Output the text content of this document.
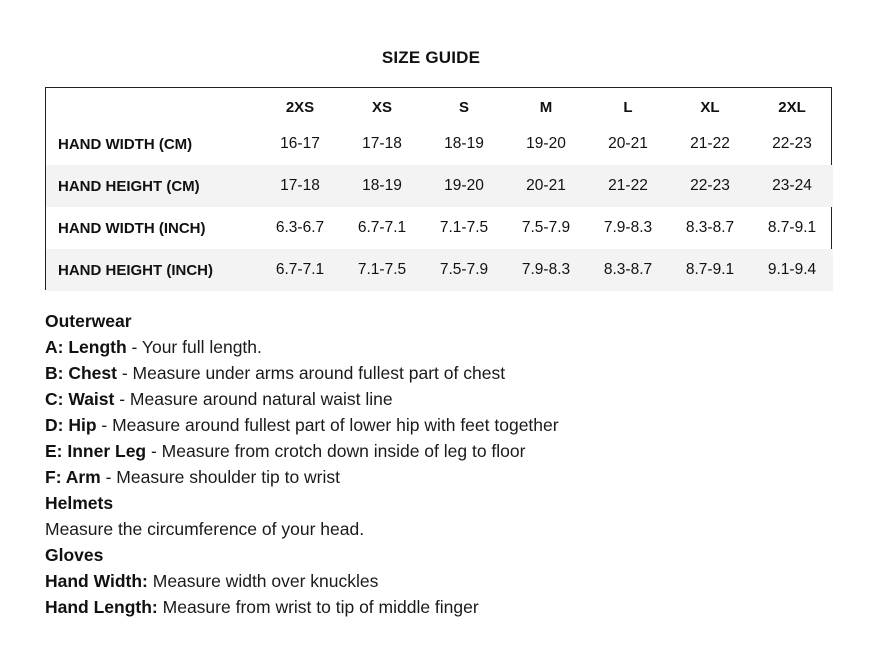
SIZE GUIDE
	2XS	XS	S	M	L	XL	2XL
HAND WIDTH (CM)	16-17	17-18	18-19	19-20	20-21	21-22	22-23
HAND HEIGHT (CM)	17-18	18-19	19-20	20-21	21-22	22-23	23-24
HAND WIDTH (INCH)	6.3-6.7	6.7-7.1	7.1-7.5	7.5-7.9	7.9-8.3	8.3-8.7	8.7-9.1
HAND HEIGHT (INCH)	6.7-7.1	7.1-7.5	7.5-7.9	7.9-8.3	8.3-8.7	8.7-9.1	9.1-9.4
Outerwear
A: Length - Your full length.
B: Chest - Measure under arms around fullest part of chest
C: Waist - Measure around natural waist line
D: Hip - Measure around fullest part of lower hip with feet together
E: Inner Leg - Measure from crotch down inside of leg to floor
F: Arm - Measure shoulder tip to wrist
Helmets
Measure the circumference of your head.
Gloves
Hand Width: Measure width over knuckles
Hand Length: Measure from wrist to tip of middle finger
